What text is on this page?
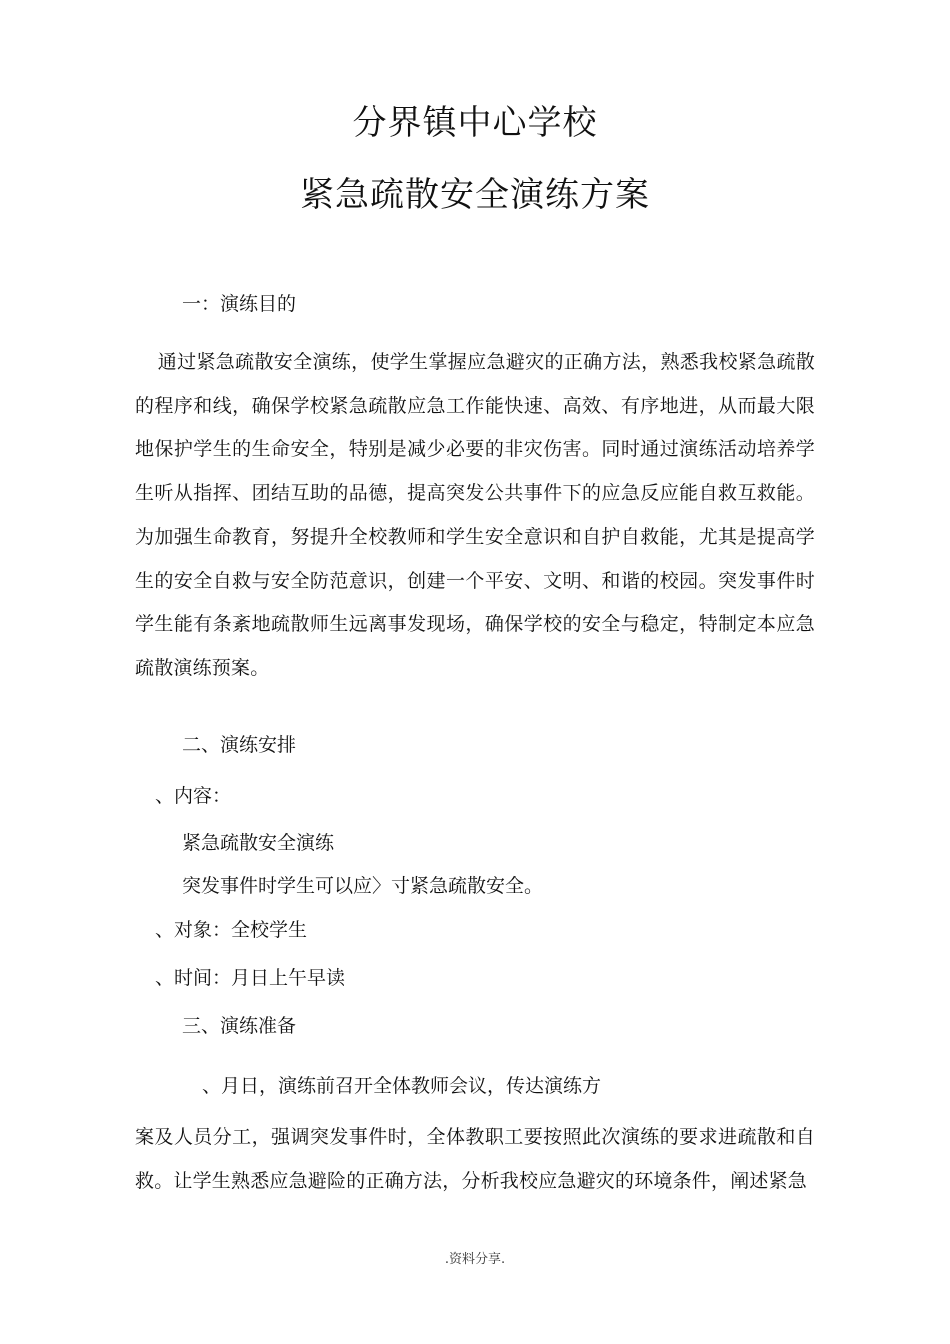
分界镇中心学校
紧急疏散安全演练方案
一：演练目的

通过紧急疏散安全演练，使学生掌握应急避灾的正确方法，熟悉我校紧急疏散的程序和线，确保学校紧急疏散应急工作能快速、高效、有序地进，从而最大限地保护学生的生命安全，特别是减少必要的非灾伤害。同时通过演练活动培养学生听从指挥、团结互助的品德，提高突发公共事件下的应急反应能自救互救能。为加强生命教育，努提升全校教师和学生安全意识和自护自救能，尤其是提高学生的安全自救与安全防范意识，创建一个平安、文明、和谐的校园。突发事件时学生能有条紊地疏散师生远离事发现场，确保学校的安全与稳定，特制定本应急疏散演练预案。

二、演练安排
、内容：
紧急疏散安全演练
突发事件时学生可以应〉寸紧急疏散安全。
、对象：全校学生
、时间：月日上午早读
三、演练准备
、月日，演练前召开全体教师会议，传达演练方

案及人员分工，强调突发事件时，全体教职工要按照此次演练的要求进疏散和自救。让学生熟悉应急避险的正确方法，分析我校应急避灾的环境条件，阐述紧急

.资料分享.
